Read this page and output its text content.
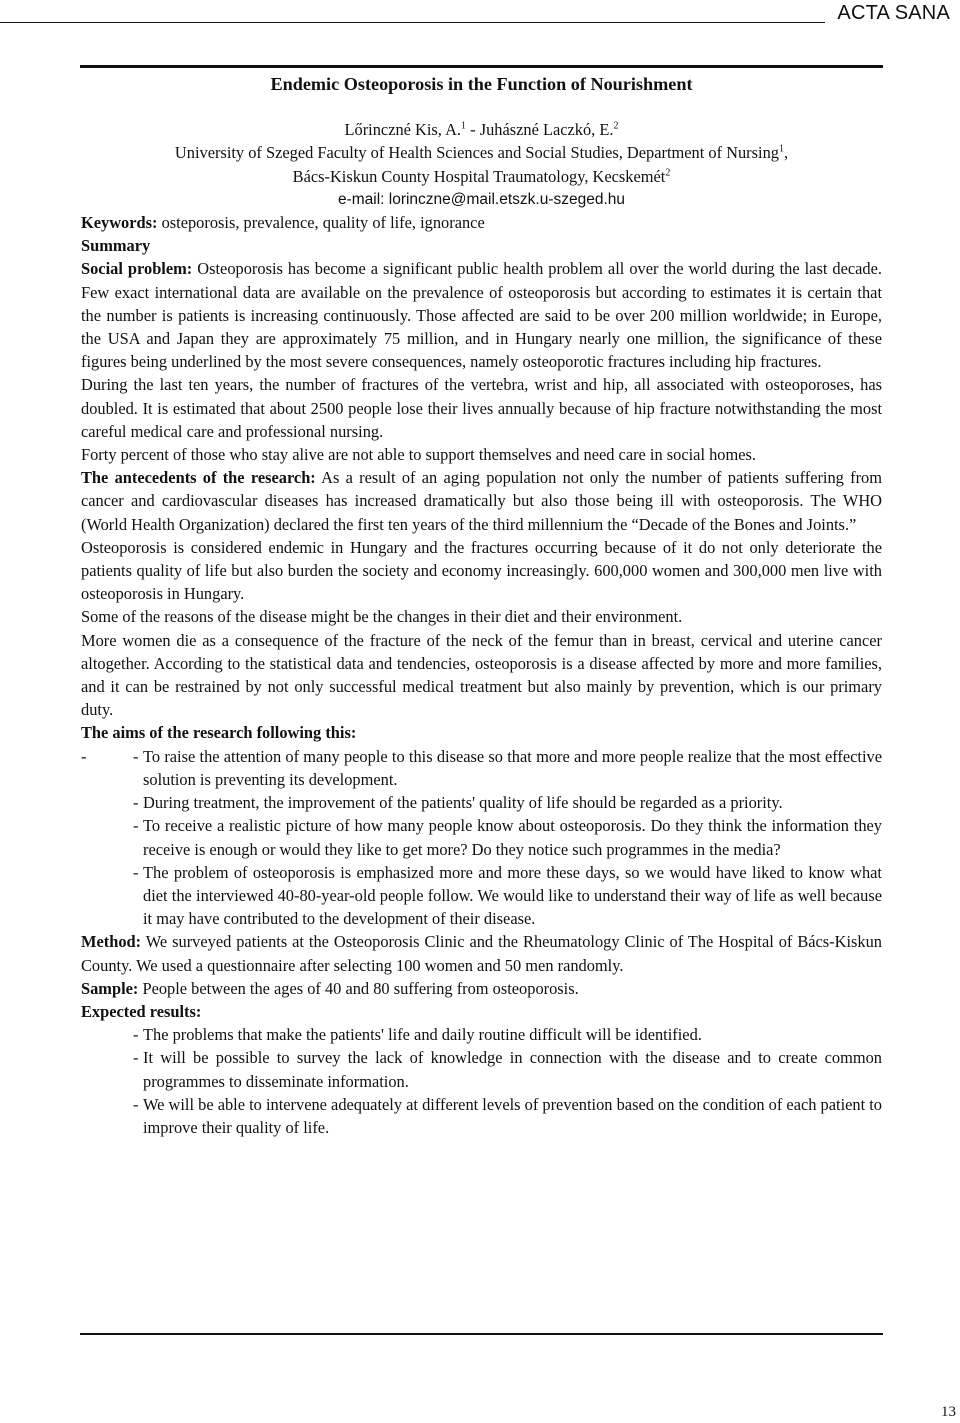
ACTA SANA
Endemic Osteoporosis in the Function of Nourishment
Lőrinczné Kis, A.$^1$ - Juhászné Laczkó, E.$^2$
University of Szeged Faculty of Health Sciences and Social Studies, Department of Nursing$^1$,
Bács-Kiskun County Hospital Traumatology, Kecskemét$^2$
e-mail: lorinczne@mail.etszk.u-szeged.hu

Keywords: osteporosis, prevalence, quality of life, ignorance

Summary

Social problem: Osteoporosis has become a significant public health problem all over the world during the last decade. Few exact international data are available on the prevalence of osteoporosis but according to estimates it is certain that the number is patients is increasing continuously. Those affected are said to be over 200 million worldwide; in Europe, the USA and Japan they are approximately 75 million, and in Hungary nearly one million, the significance of these figures being underlined by the most severe consequences, namely osteoporotic fractures including hip fractures.

During the last ten years, the number of fractures of the vertebra, wrist and hip, all associated with osteoporoses, has doubled. It is estimated that about 2500 people lose their lives annually because of hip fracture notwithstanding the most careful medical care and professional nursing.

Forty percent of those who stay alive are not able to support themselves and need care in social homes.

The antecedents of the research: As a result of an aging population not only the number of patients suffering from cancer and cardiovascular diseases has increased dramatically but also those being ill with osteoporosis. The WHO (World Health Organization) declared the first ten years of the third millennium the “Decade of the Bones and Joints.”

Osteoporosis is considered endemic in Hungary and the fractures occurring because of it do not only deteriorate the patients quality of life but also burden the society and economy increasingly. 600,000 women and 300,000 men live with osteoporosis in Hungary.

Some of the reasons of the disease might be the changes in their diet and their environment.

More women die as a consequence of the fracture of the neck of the femur than in breast, cervical and uterine cancer altogether. According to the statistical data and tendencies, osteoporosis is a disease affected by more and more families, and it can be restrained by not only successful medical treatment but also mainly by prevention, which is our primary duty.

The aims of the research following this:

-	- To raise the attention of many people to this disease so that more and more people realize that the most effective solution is preventing its development.
- During treatment, the improvement of the patients' quality of life should be regarded as a priority.
- To receive a realistic picture of how many people know about osteoporosis. Do they think the information they receive is enough or would they like to get more? Do they notice such programmes in the media?
- The problem of osteoporosis is emphasized more and more these days, so we would have liked to know what diet the interviewed 40-80-year-old people follow. We would like to understand their way of life as well because it may have contributed to the development of their disease.

Method: We surveyed patients at the Osteoporosis Clinic and the Rheumatology Clinic of The Hospital of Bács-Kiskun County. We used a questionnaire after selecting 100 women and 50 men randomly.

Sample: People between the ages of 40 and 80 suffering from osteoporosis.

Expected results:

- The problems that make the patients' life and daily routine difficult will be identified.
- It will be possible to survey the lack of knowledge in connection with the disease and to create common programmes to disseminate information.
- We will be able to intervene adequately at different levels of prevention based on the condition of each patient to improve their quality of life.
13
